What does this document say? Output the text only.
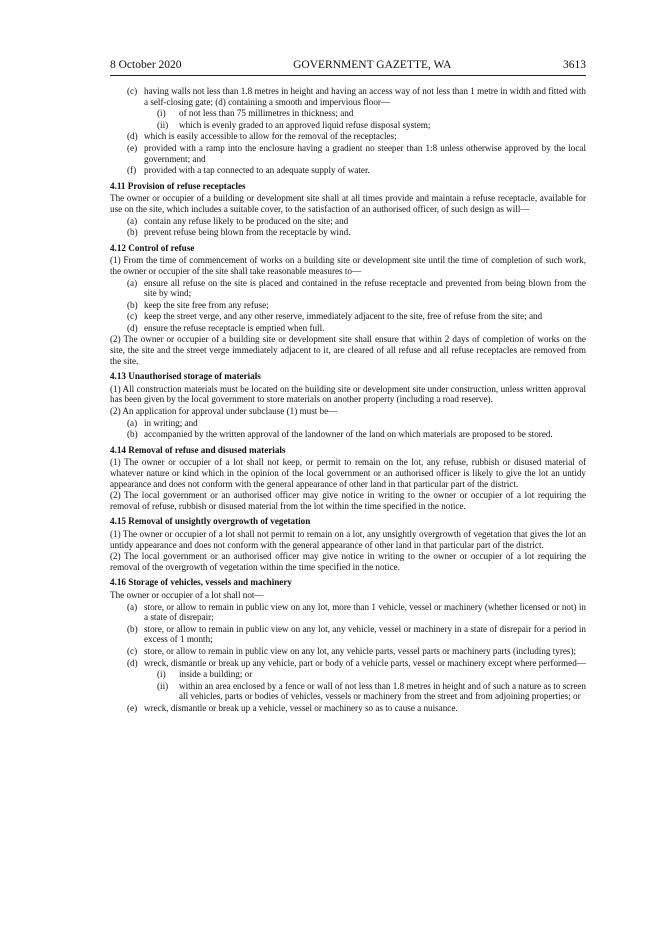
8 October 2020	GOVERNMENT GAZETTE, WA	3613
(c) having walls not less than 1.8 metres in height and having an access way of not less than 1 metre in width and fitted with a self-closing gate; (d) containing a smooth and impervious floor—
(i)	of not less than 75 millimetres in thickness; and
(ii)	which is evenly graded to an approved liquid refuse disposal system;
(d) which is easily accessible to allow for the removal of the receptacles;
(e) provided with a ramp into the enclosure having a gradient no steeper than 1:8 unless otherwise approved by the local government; and
(f) provided with a tap connected to an adequate supply of water.
4.11 Provision of refuse receptacles
The owner or occupier of a building or development site shall at all times provide and maintain a refuse receptacle, available for use on the site, which includes a suitable cover, to the satisfaction of an authorised officer, of such design as will—
(a) contain any refuse likely to be produced on the site; and
(b) prevent refuse being blown from the receptacle by wind.
4.12 Control of refuse
(1) From the time of commencement of works on a building site or development site until the time of completion of such work, the owner or occupier of the site shall take reasonable measures to—
(a) ensure all refuse on the site is placed and contained in the refuse receptacle and prevented from being blown from the site by wind;
(b) keep the site free from any refuse;
(c) keep the street verge, and any other reserve, immediately adjacent to the site, free of refuse from the site; and
(d) ensure the refuse receptacle is emptied when full.
(2) The owner or occupier of a building site or development site shall ensure that within 2 days of completion of works on the site, the site and the street verge immediately adjacent to it, are cleared of all refuse and all refuse receptacles are removed from the site.
4.13 Unauthorised storage of materials
(1) All construction materials must be located on the building site or development site under construction, unless written approval has been given by the local government to store materials on another property (including a road reserve).
(2) An application for approval under subclause (1) must be—
(a) in writing; and
(b) accompanied by the written approval of the landowner of the land on which materials are proposed to be stored.
4.14 Removal of refuse and disused materials
(1) The owner or occupier of a lot shall not keep, or permit to remain on the lot, any refuse, rubbish or disused material of whatever nature or kind which in the opinion of the local government or an authorised officer is likely to give the lot an untidy appearance and does not conform with the general appearance of other land in that particular part of the district.
(2) The local government or an authorised officer may give notice in writing to the owner or occupier of a lot requiring the removal of refuse, rubbish or disused material from the lot within the time specified in the notice.
4.15 Removal of unsightly overgrowth of vegetation
(1) The owner or occupier of a lot shall not permit to remain on a lot, any unsightly overgrowth of vegetation that gives the lot an untidy appearance and does not conform with the general appearance of other land in that particular part of the district.
(2) The local government or an authorised officer may give notice in writing to the owner or occupier of a lot requiring the removal of the overgrowth of vegetation within the time specified in the notice.
4.16 Storage of vehicles, vessels and machinery
The owner or occupier of a lot shall not—
(a) store, or allow to remain in public view on any lot, more than 1 vehicle, vessel or machinery (whether licensed or not) in a state of disrepair;
(b) store, or allow to remain in public view on any lot, any vehicle, vessel or machinery in a state of disrepair for a period in excess of 1 month;
(c) store, or allow to remain in public view on any lot, any vehicle parts, vessel parts or machinery parts (including tyres);
(d) wreck, dismantle or break up any vehicle, part or body of a vehicle parts, vessel or machinery except where performed—
(i)	inside a building; or
(ii)	within an area enclosed by a fence or wall of not less than 1.8 metres in height and of such a nature as to screen all vehicles, parts or bodies of vehicles, vessels or machinery from the street and from adjoining properties; or
(e) wreck, dismantle or break up a vehicle, vessel or machinery so as to cause a nuisance.
